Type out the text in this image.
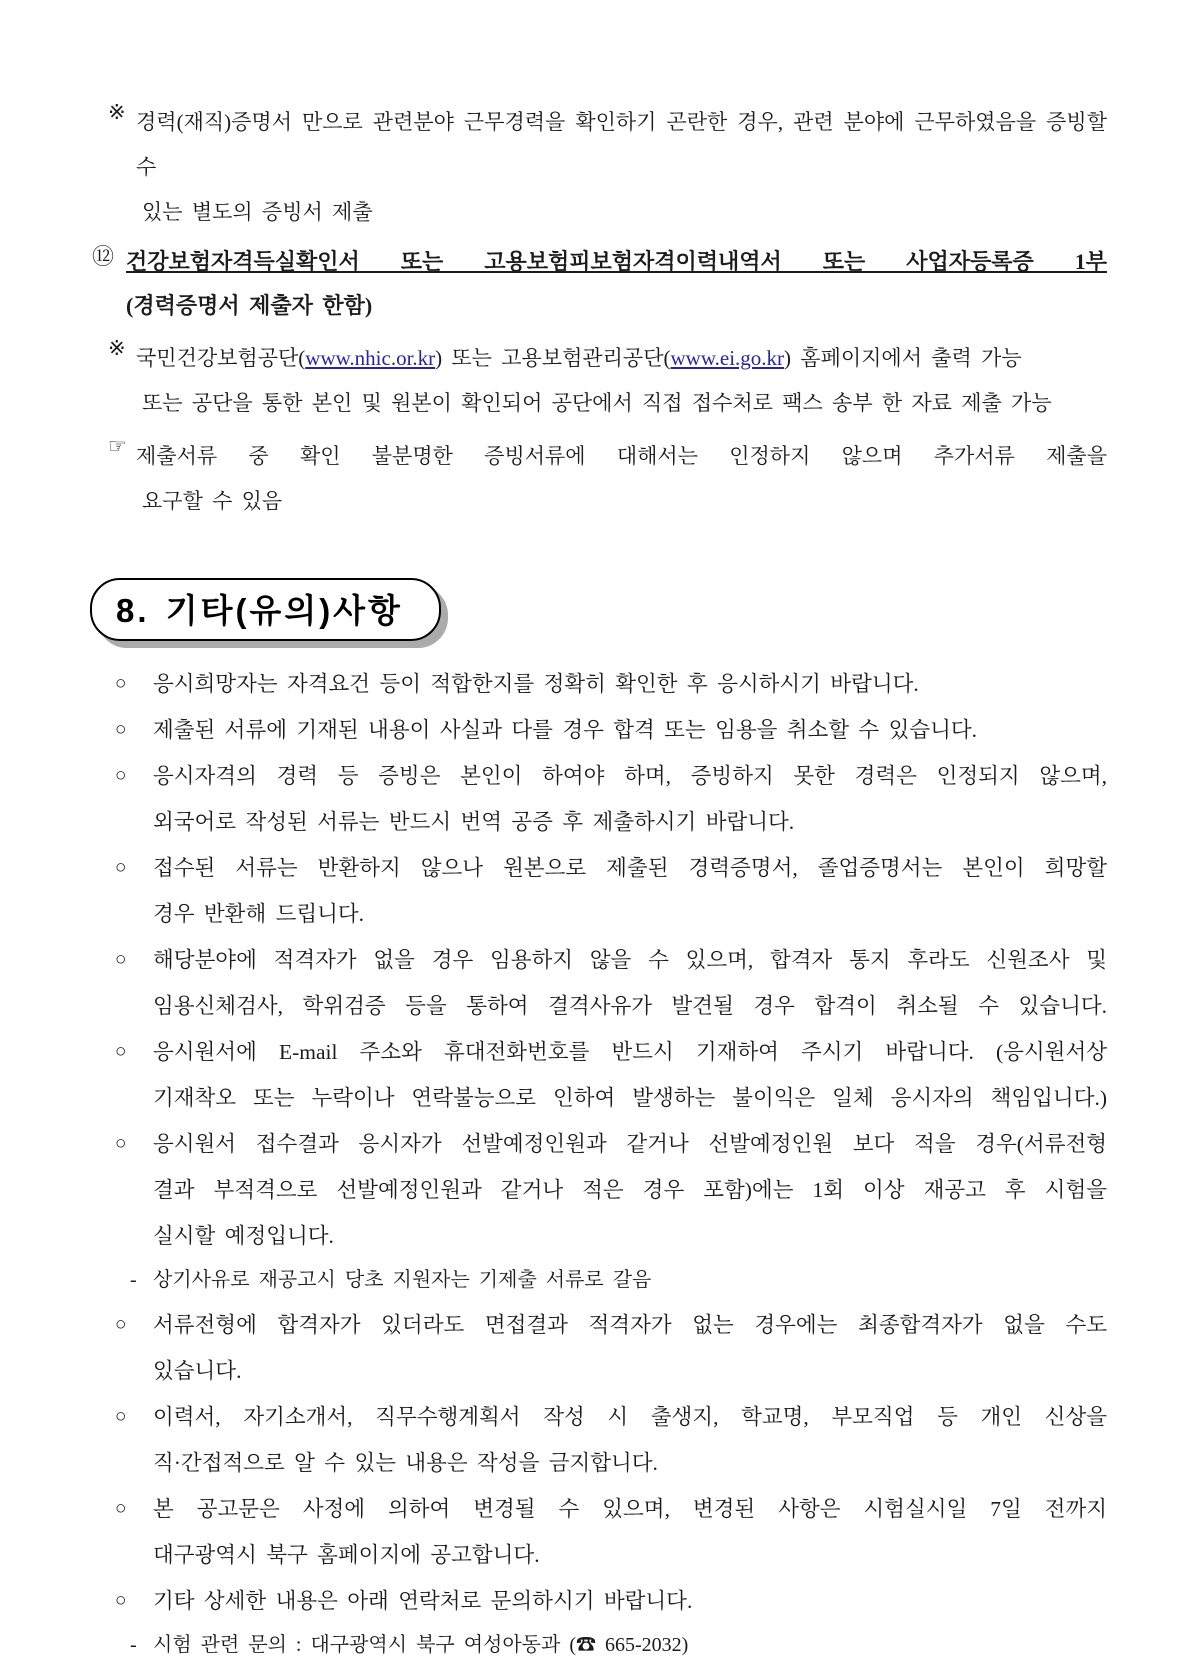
※ 경력(재직)증명서 만으로 관련분야 근무경력을 확인하기 곤란한 경우, 관련 분야에 근무하였음을 증빙할 수
있는 별도의 증빙서 제출
⑫ 건강보험자격득실확인서 또는 고용보험피보험자격이력내역서 또는 사업자등록증 1부
(경력증명서 제출자 한함)
※ 국민건강보험공단(www.nhic.or.kr) 또는 고용보험관리공단(www.ei.go.kr) 홈페이지에서 출력 가능
또는 공단을 통한 본인 및 원본이 확인되어 공단에서 직접 접수처로 팩스 송부 한 자료 제출 가능
☞ 제출서류 중 확인 불분명한 증빙서류에 대해서는 인정하지 않으며 추가서류 제출을
요구할 수 있음
8. 기타(유의)사항
○	응시희망자는 자격요건 등이 적합한지를 정확히 확인한 후 응시하시기 바랍니다.
○	제출된 서류에 기재된 내용이 사실과 다를 경우 합격 또는 임용을 취소할 수 있습니다.
○	응시자격의 경력 등 증빙은 본인이 하여야 하며, 증빙하지 못한 경력은 인정되지 않으며,
외국어로 작성된 서류는 반드시 번역 공증 후 제출하시기 바랍니다.
○	접수된 서류는 반환하지 않으나 원본으로 제출된 경력증명서, 졸업증명서는 본인이 희망할
경우 반환해 드립니다.
○	해당분야에 적격자가 없을 경우 임용하지 않을 수 있으며, 합격자 통지 후라도 신원조사 및
임용신체검사, 학위검증 등을 통하여 결격사유가 발견될 경우 합격이 취소될 수 있습니다.
○	응시원서에 E-mail 주소와 휴대전화번호를 반드시 기재하여 주시기 바랍니다. (응시원서상
기재착오 또는 누락이나 연락불능으로 인하여 발생하는 불이익은 일체 응시자의 책임입니다.)
○	응시원서 접수결과 응시자가 선발예정인원과 같거나 선발예정인원 보다 적을 경우(서류전형
결과 부적격으로 선발예정인원과 같거나 적은 경우 포함)에는 1회 이상 재공고 후 시험을
실시할 예정입니다.
- 상기사유로 재공고시 당초 지원자는 기제출 서류로 갈음
○	서류전형에 합격자가 있더라도 면접결과 적격자가 없는 경우에는 최종합격자가 없을 수도
있습니다.
○	이력서, 자기소개서, 직무수행계획서 작성 시 출생지, 학교명, 부모직업 등 개인 신상을
직·간접적으로 알 수 있는 내용은 작성을 금지합니다.
○	본 공고문은 사정에 의하여 변경될 수 있으며, 변경된 사항은 시험실시일 7일 전까지
대구광역시 북구 홈페이지에 공고합니다.
○	기타 상세한 내용은 아래 연락처로 문의하시기 바랍니다.
- 시험 관련 문의 : 대구광역시 북구 여성아동과 (☎ 665-2032)
